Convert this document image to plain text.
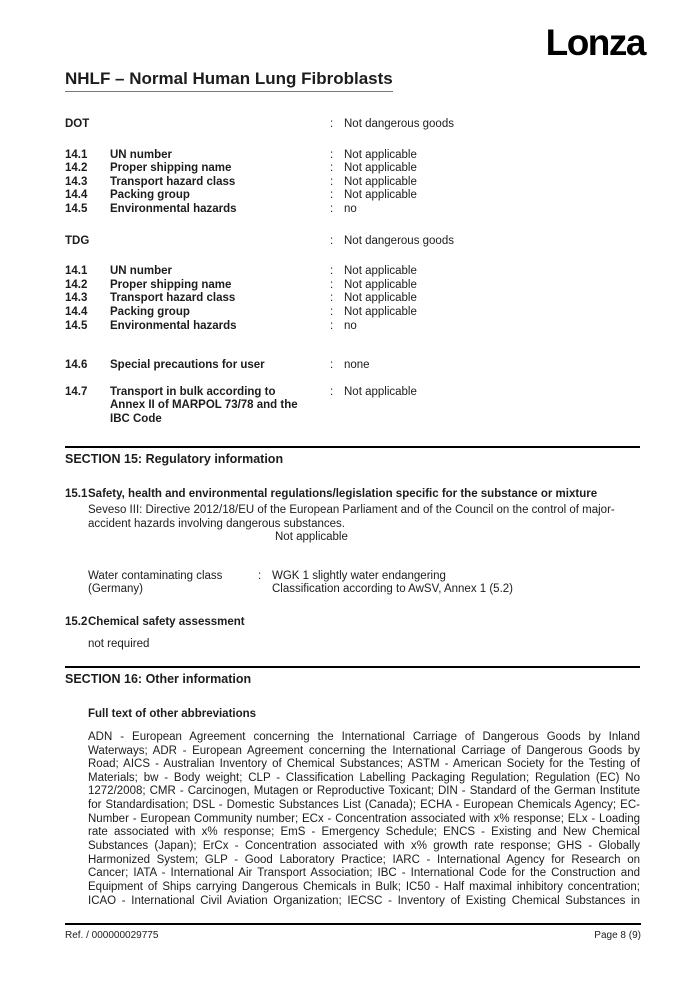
Lonza
NHLF – Normal Human Lung Fibroblasts
DOT	: Not dangerous goods
14.1	UN number	: Not applicable
14.2	Proper shipping name	: Not applicable
14.3	Transport hazard class	: Not applicable
14.4	Packing group	: Not applicable
14.5	Environmental hazards	: no
TDG	: Not dangerous goods
14.1	UN number	: Not applicable
14.2	Proper shipping name	: Not applicable
14.3	Transport hazard class	: Not applicable
14.4	Packing group	: Not applicable
14.5	Environmental hazards	: no
14.6	Special precautions for user	: none
14.7	Transport in bulk according to
Annex II of MARPOL 73/78 and the
IBC Code
: Not applicable
SECTION 15: Regulatory information
15.1 Safety, health and environmental regulations/legislation specific for the substance or mixture
Seveso III: Directive 2012/18/EU of the European Parliament and of the Council on the control of major-
accident hazards involving dangerous substances.
Not applicable
Water contaminating class
(Germany)
: WGK 1 slightly water endangering
Classification according to AwSV, Annex 1 (5.2)
15.2 Chemical safety assessment
not required
SECTION 16: Other information
Full text of other abbreviations
ADN - European Agreement concerning the International Carriage of Dangerous Goods by Inland
Waterways; ADR - European Agreement concerning the International Carriage of Dangerous Goods by
Road; AICS - Australian Inventory of Chemical Substances; ASTM - American Society for the Testing of
Materials; bw - Body weight; CLP - Classification Labelling Packaging Regulation; Regulation (EC) No
1272/2008; CMR - Carcinogen, Mutagen or Reproductive Toxicant; DIN - Standard of the German Institute
for Standardisation; DSL - Domestic Substances List (Canada); ECHA - European Chemicals Agency; EC-
Number - European Community number; ECx - Concentration associated with x% response; ELx - Loading
rate associated with x% response; EmS - Emergency Schedule; ENCS - Existing and New Chemical
Substances (Japan); ErCx - Concentration associated with x% growth rate response; GHS - Globally
Harmonized System; GLP - Good Laboratory Practice; IARC - International Agency for Research on
Cancer; IATA - International Air Transport Association; IBC - International Code for the Construction and
Equipment of Ships carrying Dangerous Chemicals in Bulk; IC50 - Half maximal inhibitory concentration;
ICAO - International Civil Aviation Organization; IECSC - Inventory of Existing Chemical Substances in
Ref. / 000000029775	Page 8 (9)
